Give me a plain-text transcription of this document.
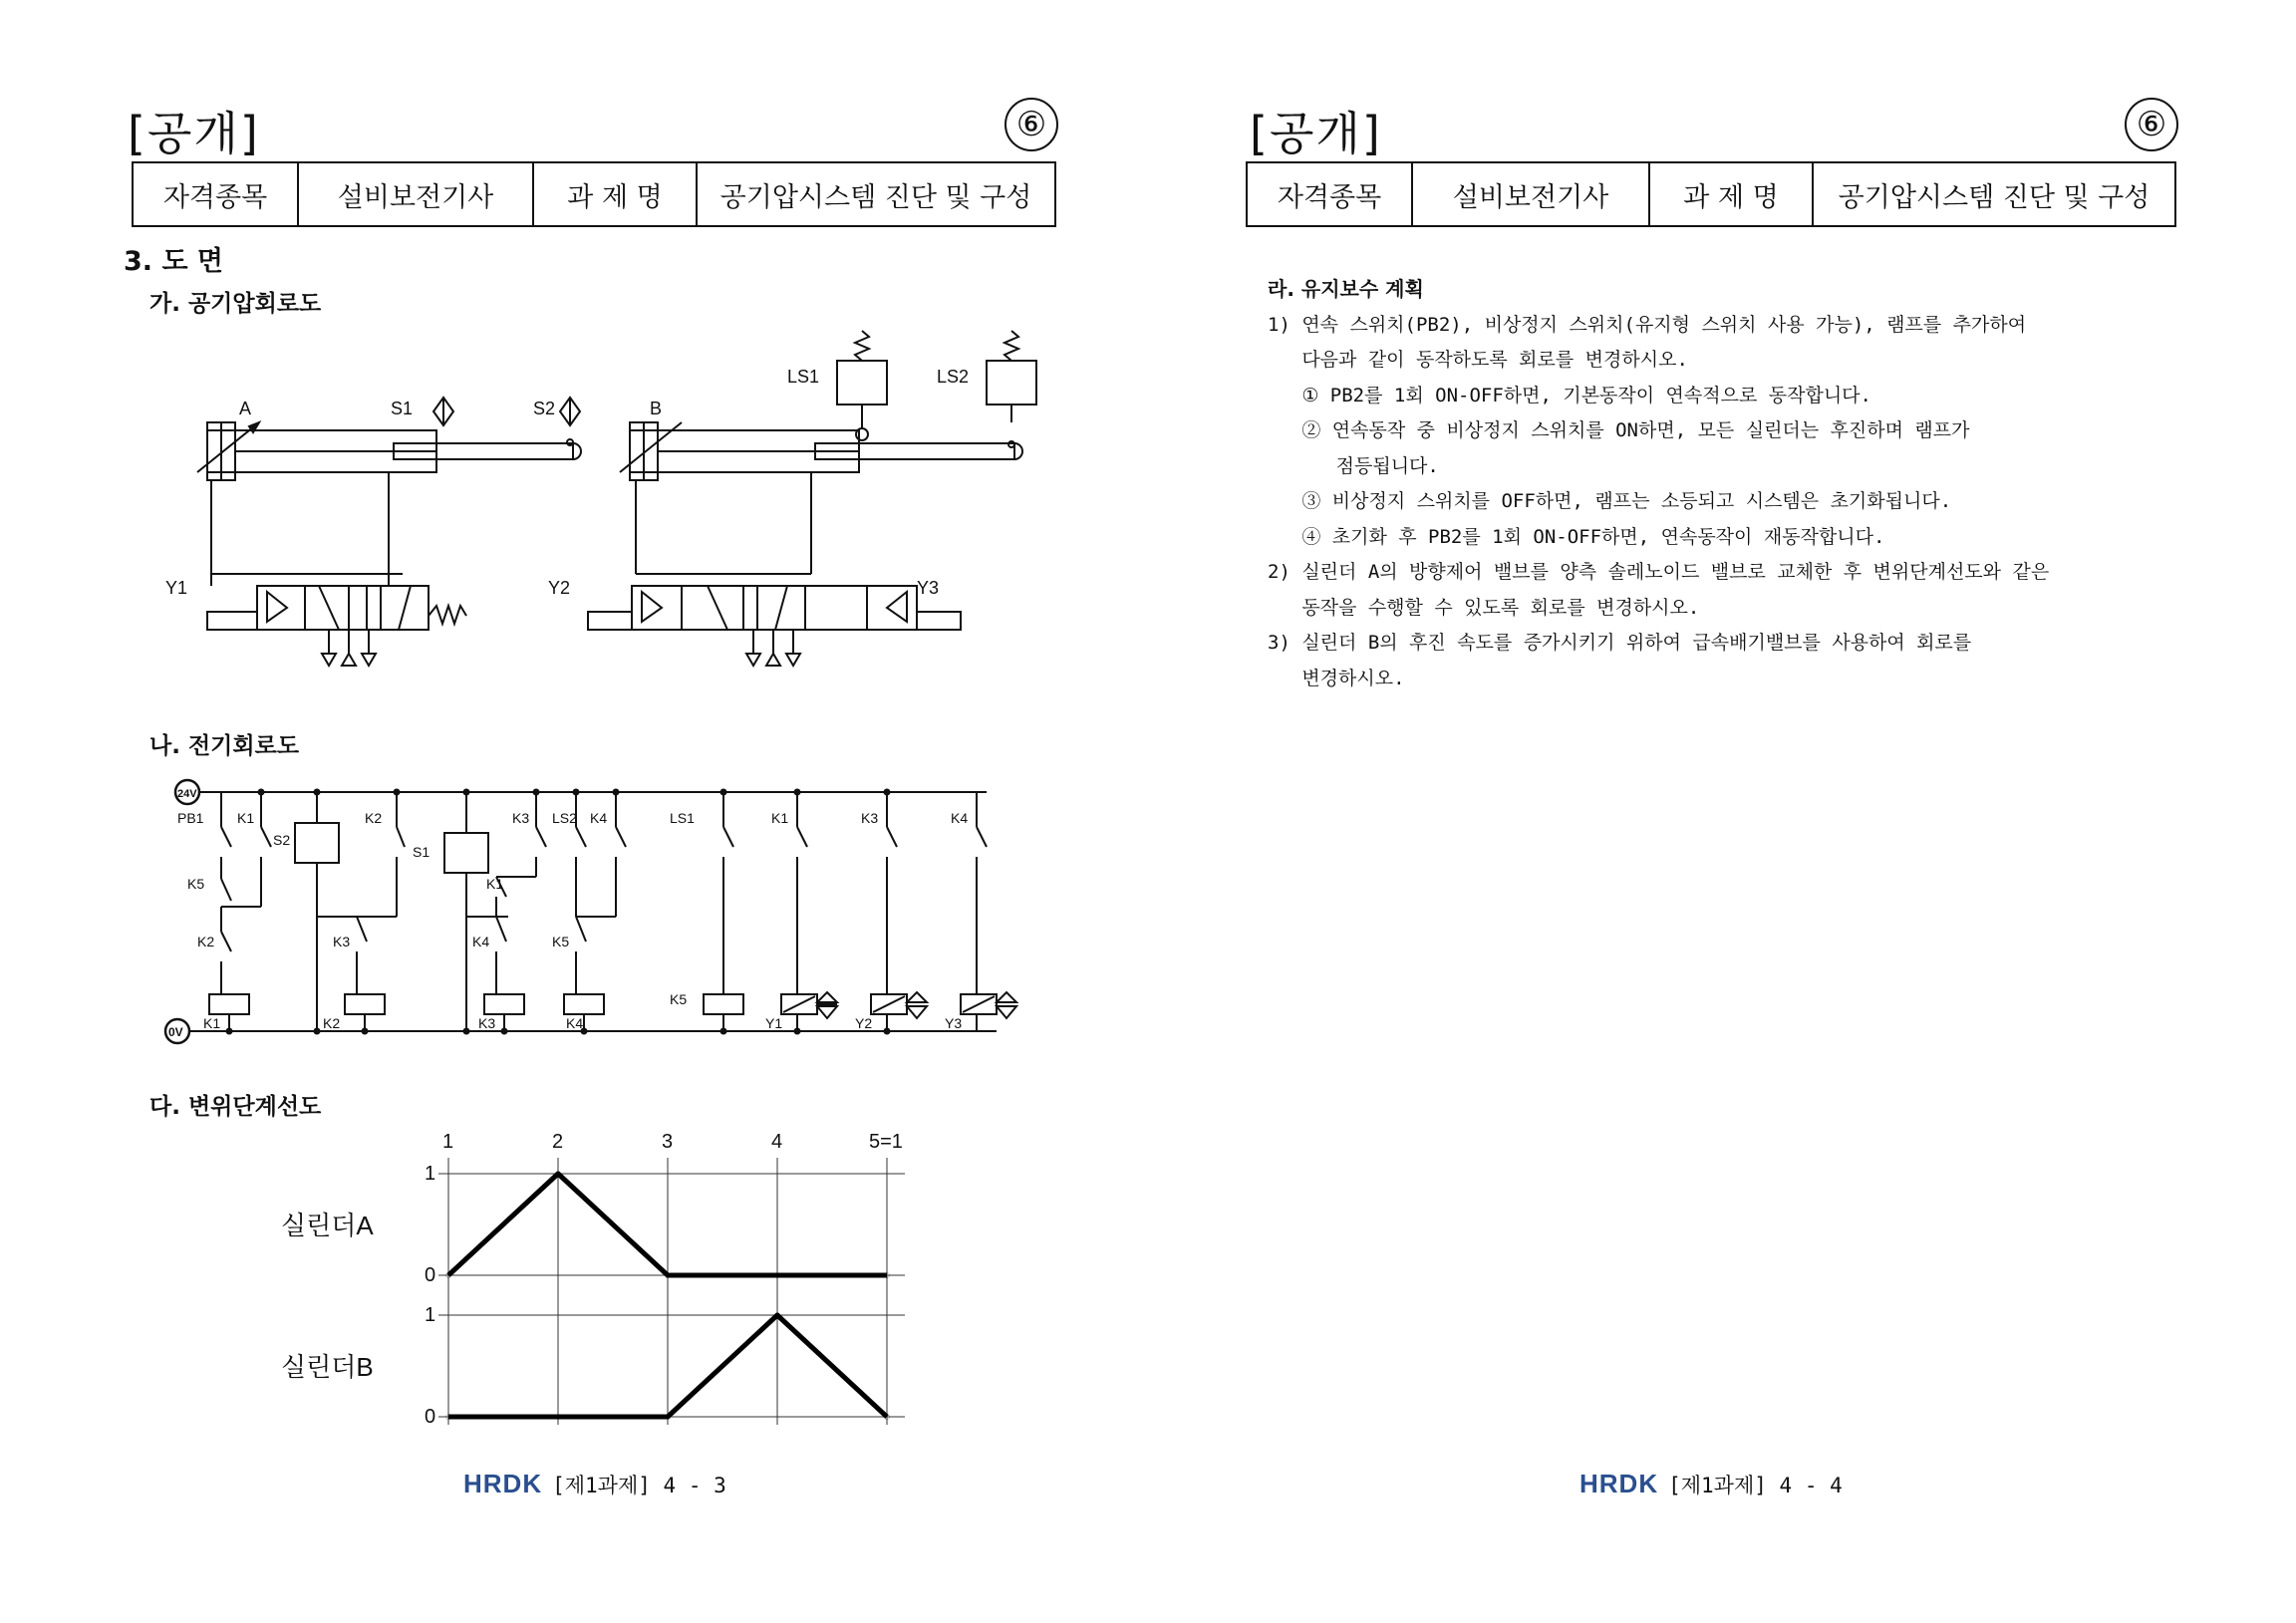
[공개]	⑥
자격종목	설비보전기사	과 제 명	공기압시스템 진단 및 구성
3. 도 면
가. 공기압회로도
A	S1	S2	B
LS1	LS2
Y1	Y2	Y3
나. 전기회로도
24V
0V
PB1 K1
S2
K2
S1
K3 LS2 K4	LS1	K1	K3	K4
K5	K1
K2	K3	K4	K5
K1	K2	K3	K4
K5
Y1	Y2	Y3
다. 변위단계선도
1	2	3	4	5=1
1
0
1
0
실린더A
실린더B
HRDK [제1과제] 4 - 3
[공개]	⑥
자격종목	설비보전기사	과 제 명	공기압시스템 진단 및 구성
라. 유지보수 계획
1) 연속 스위치(PB2), 비상정지 스위치(유지형 스위치 사용 가능), 램프를 추가하여
다음과 같이 동작하도록 회로를 변경하시오.
① PB2를 1회 ON-OFF하면, 기본동작이 연속적으로 동작합니다.
② 연속동작 중 비상정지 스위치를 ON하면, 모든 실린더는 후진하며 램프가
점등됩니다.
③ 비상정지 스위치를 OFF하면, 램프는 소등되고 시스템은 초기화됩니다.
④ 초기화 후 PB2를 1회 ON-OFF하면, 연속동작이 재동작합니다.
2) 실린더 A의 방향제어 밸브를 양측 솔레노이드 밸브로 교체한 후 변위단계선도와 같은
동작을 수행할 수 있도록 회로를 변경하시오.
3) 실린더 B의 후진 속도를 증가시키기 위하여 급속배기밸브를 사용하여 회로를
변경하시오.
HRDK [제1과제] 4 - 4
